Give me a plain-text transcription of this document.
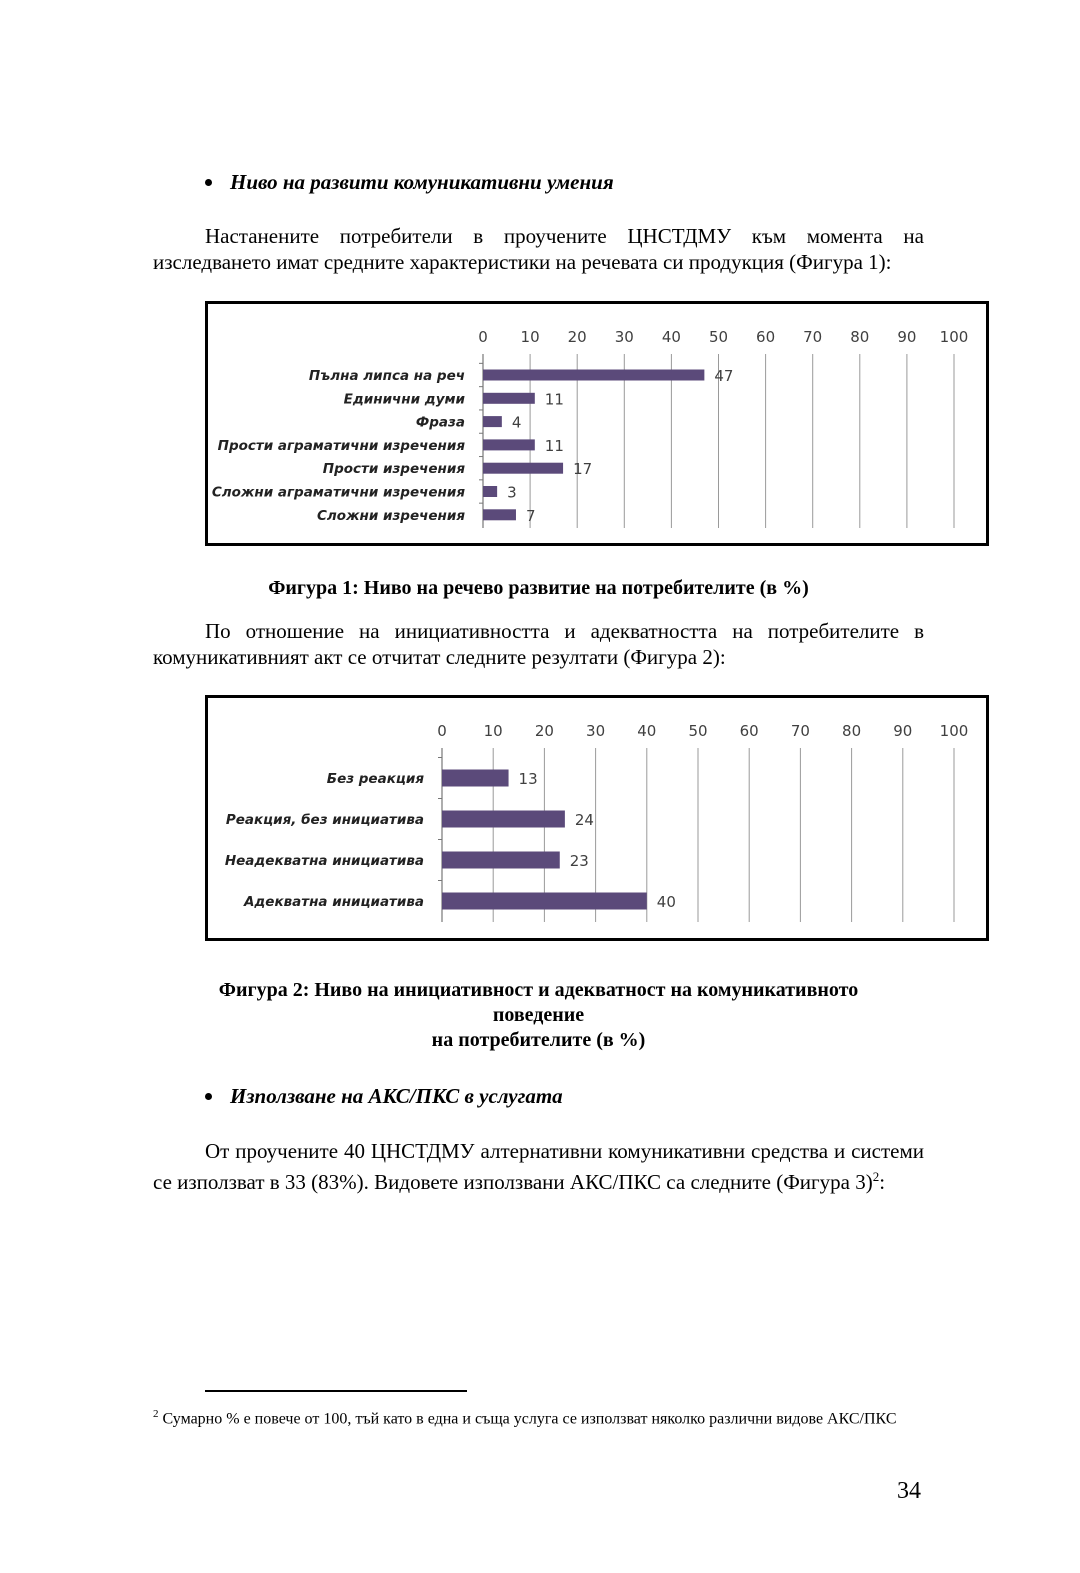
Ниво на развити комуникативни умения
Настанените потребители в проучените ЦНСТДМУ към момента на изследването имат средните характеристики на речевата си продукция (Фигура 1):
0 10 20 30 40 50 60 70 80 90 100
Пълна липса на реч	47
Единични думи	11
Фраза	4
Прости аграматични изречения	11
Прости изречения	17
Сложни аграматични изречения	3
Сложни изречения	7
Фигура 1: Ниво на речево развитие на потребителите (в %)
По отношение на инициативността и адекватността на потребителите в комуникативният акт се отчитат следните резултати (Фигура 2):
0 10 20 30 40 50 60 70 80 90 100
Без реакция	13
Реакция, без инициативa	24
Неадекватна инициатива	23
Адекватна инициатива	40
Фигура 2: Ниво на инициативност и адекватност на комуникативното
поведение
на потребителите (в %)
Използване на АКС/ПКС в услугата
От проучените 40 ЦНСТДМУ алтернативни комуникативни средства и системи се използват в 33 (83%). Видовете използвани АКС/ПКС са следните (Фигура 3)$^2$:
$^2$ Сумарно % е повече от 100, тъй като в една и съща услуга се използват няколко различни видове АКС/ПКС
34
